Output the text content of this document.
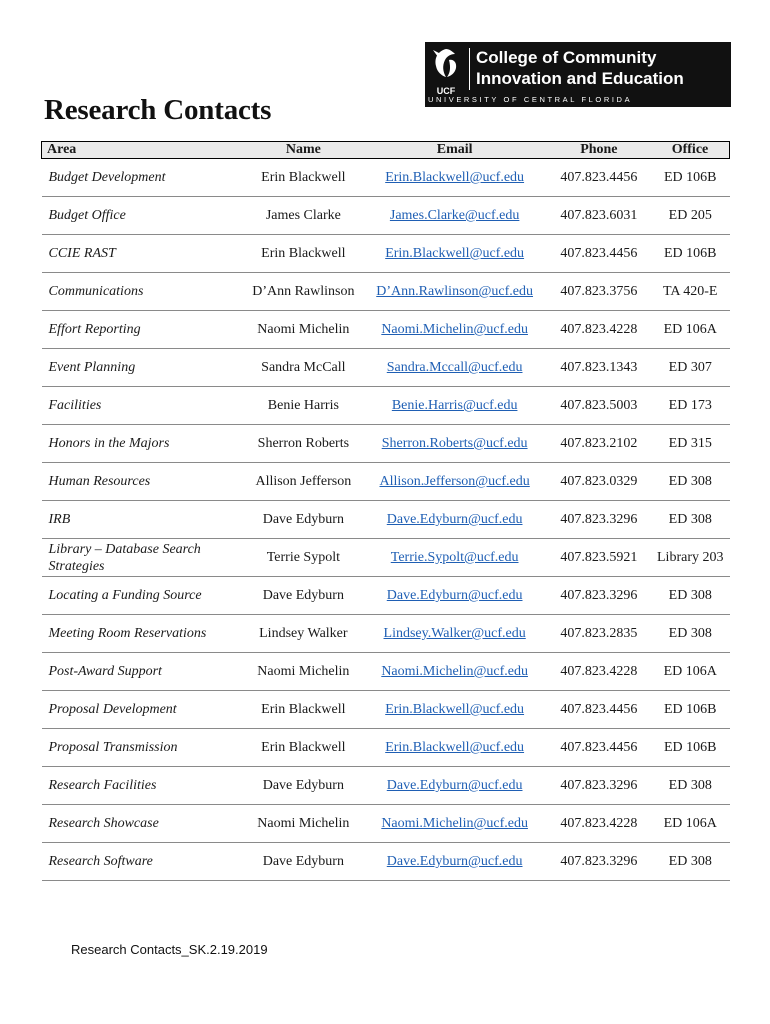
UCF
College of Community
Innovation and Education
UNIVERSITY OF CENTRAL FLORIDA
Research Contacts
Area	Name	Email	Phone	Office
Budget Development	Erin Blackwell	Erin.Blackwell@ucf.edu	407.823.4456	ED 106B
Budget Office	James Clarke	James.Clarke@ucf.edu	407.823.6031	ED 205
CCIE RAST	Erin Blackwell	Erin.Blackwell@ucf.edu	407.823.4456	ED 106B
Communications	D’Ann Rawlinson	D’Ann.Rawlinson@ucf.edu	407.823.3756	TA 420-E
Effort Reporting	Naomi Michelin	Naomi.Michelin@ucf.edu	407.823.4228	ED 106A
Event Planning	Sandra McCall	Sandra.Mccall@ucf.edu	407.823.1343	ED 307
Facilities	Benie Harris	Benie.Harris@ucf.edu	407.823.5003	ED 173
Honors in the Majors	Sherron Roberts	Sherron.Roberts@ucf.edu	407.823.2102	ED 315
Human Resources	Allison Jefferson	Allison.Jefferson@ucf.edu	407.823.0329	ED 308
IRB	Dave Edyburn	Dave.Edyburn@ucf.edu	407.823.3296	ED 308
Library – Database Search Strategies	Terrie Sypolt	Terrie.Sypolt@ucf.edu	407.823.5921	Library 203
Locating a Funding Source	Dave Edyburn	Dave.Edyburn@ucf.edu	407.823.3296	ED 308
Meeting Room Reservations	Lindsey Walker	Lindsey.Walker@ucf.edu	407.823.2835	ED 308
Post-Award Support	Naomi Michelin	Naomi.Michelin@ucf.edu	407.823.4228	ED 106A
Proposal Development	Erin Blackwell	Erin.Blackwell@ucf.edu	407.823.4456	ED 106B
Proposal Transmission	Erin Blackwell	Erin.Blackwell@ucf.edu	407.823.4456	ED 106B
Research Facilities	Dave Edyburn	Dave.Edyburn@ucf.edu	407.823.3296	ED 308
Research Showcase	Naomi Michelin	Naomi.Michelin@ucf.edu	407.823.4228	ED 106A
Research Software	Dave Edyburn	Dave.Edyburn@ucf.edu	407.823.3296	ED 308
Research Contacts_SK.2.19.2019
